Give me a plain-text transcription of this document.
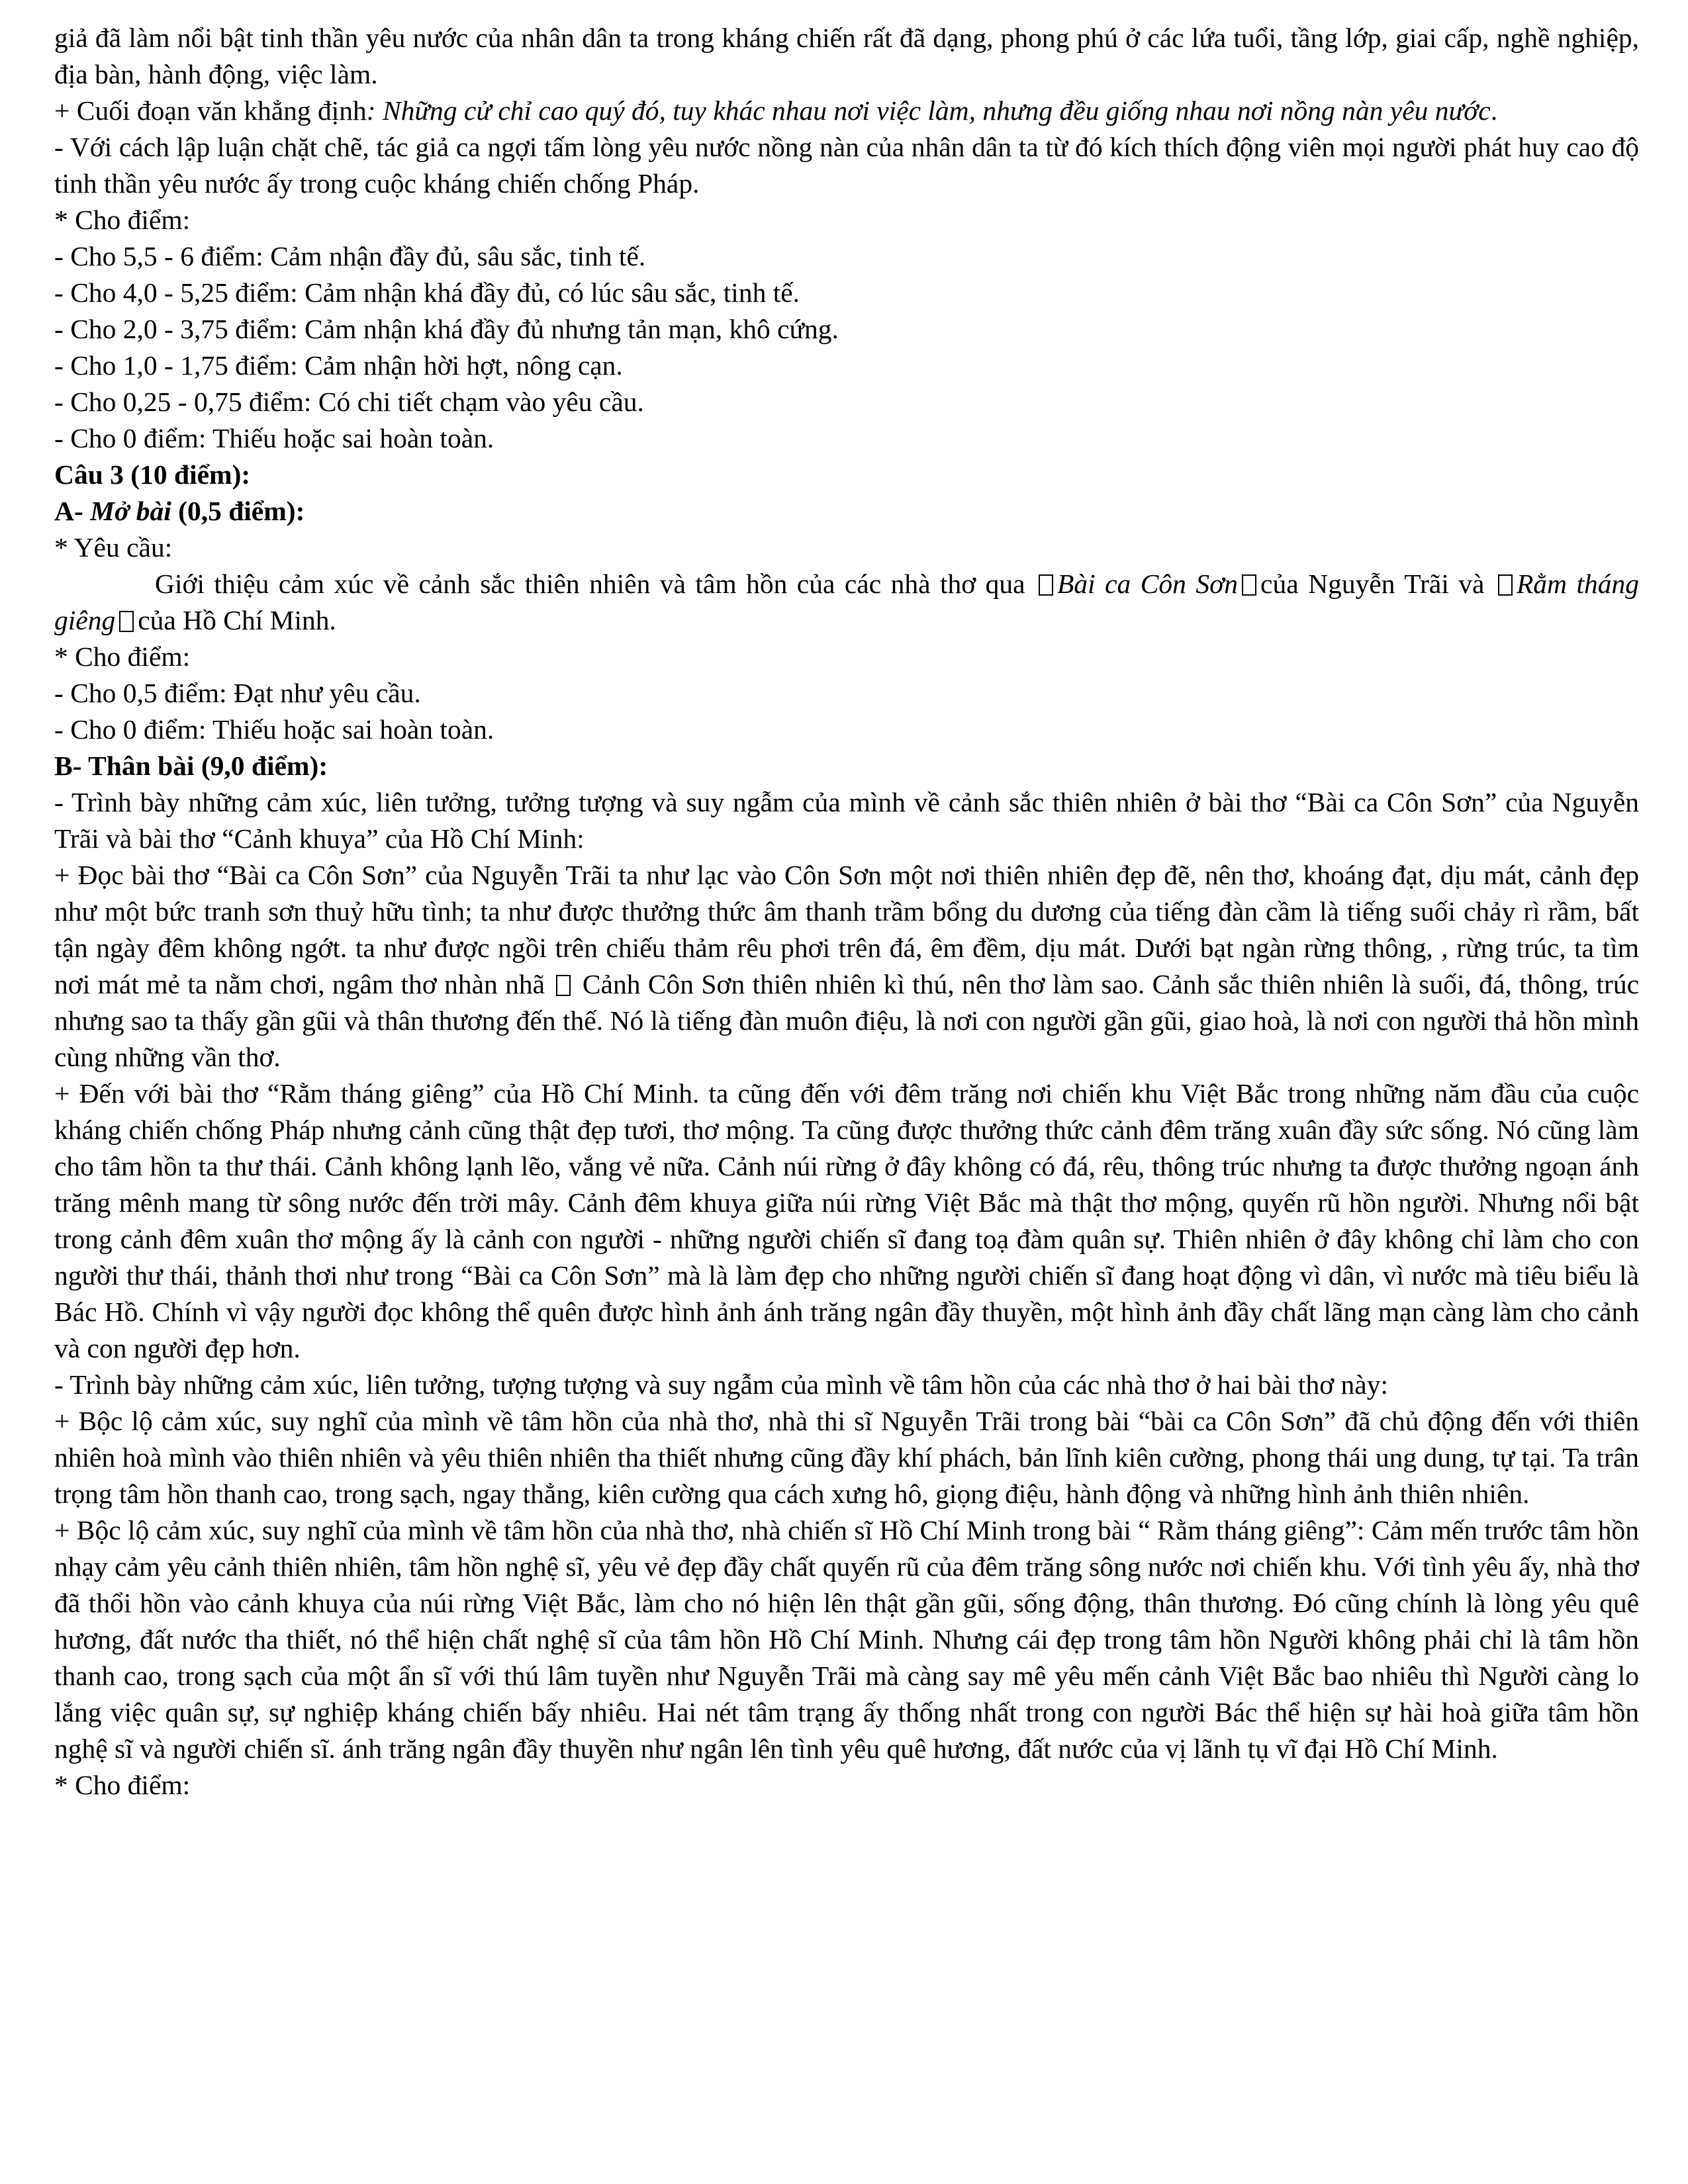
giả đã làm nổi bật tinh thần yêu nước của nhân dân ta trong kháng chiến rất đã dạng, phong phú ở các lứa tuổi, tầng lớp, giai cấp, nghề nghiệp, địa bàn, hành động, việc làm.

+ Cuối đoạn văn khẳng định: Những cử chỉ cao quý đó, tuy khác nhau nơi việc làm, nhưng đều giống nhau nơi nồng nàn yêu nước.

- Với cách lập luận chặt chẽ, tác giả ca ngợi tấm lòng yêu nước nồng nàn của nhân dân ta từ đó kích thích động viên mọi người phát huy cao độ tinh thần yêu nước ấy trong cuộc kháng chiến chống Pháp.

* Cho điểm:

- Cho 5,5 - 6 điểm: Cảm nhận đầy đủ, sâu sắc, tinh tế.

- Cho 4,0 - 5,25 điểm: Cảm nhận khá đầy đủ, có lúc sâu sắc, tinh tế.

- Cho 2,0 - 3,75 điểm: Cảm nhận khá đầy đủ nhưng tản mạn, khô cứng.

- Cho 1,0 - 1,75 điểm: Cảm nhận hời hợt, nông cạn.

- Cho 0,25 - 0,75 điểm: Có chi tiết chạm vào yêu cầu.

- Cho 0 điểm: Thiếu hoặc sai hoàn toàn.

Câu 3 (10 điểm):

A- Mở bài (0,5 điểm):

* Yêu cầu:

Giới thiệu cảm xúc về cảnh sắc thiên nhiên và tâm hồn của các nhà thơ qua Bài ca Côn Sơn của Nguyễn Trãi và Rằm tháng giêng của Hồ Chí Minh.

* Cho điểm:

- Cho 0,5 điểm: Đạt như yêu cầu.

- Cho 0 điểm: Thiếu hoặc sai hoàn toàn.

B- Thân bài (9,0 điểm):

- Trình bày những cảm xúc, liên tưởng, tưởng tượng và suy ngẫm của mình về cảnh sắc thiên nhiên ở bài thơ “Bài ca Côn Sơn” của Nguyễn Trãi và bài thơ “Cảnh khuya” của Hồ Chí Minh:

+ Đọc bài thơ “Bài ca Côn Sơn” của Nguyễn Trãi ta như lạc vào Côn Sơn một nơi thiên nhiên đẹp đẽ, nên thơ, khoáng đạt, dịu mát, cảnh đẹp như một bức tranh sơn thuỷ hữu tình; ta như được thưởng thức âm thanh trầm bổng du dương của tiếng đàn cầm là tiếng suối chảy rì rầm, bất tận ngày đêm không ngớt. ta như được ngồi trên chiếu thảm rêu phơi trên đá, êm đềm, dịu mát. Dưới bạt ngàn rừng thông, , rừng trúc, ta tìm nơi mát mẻ ta nằm chơi, ngâm thơ nhàn nhã  Cảnh Côn Sơn thiên nhiên kì thú, nên thơ làm sao. Cảnh sắc thiên nhiên là suối, đá, thông, trúc nhưng sao ta thấy gần gũi và thân thương đến thế. Nó là tiếng đàn muôn điệu, là nơi con người gần gũi, giao hoà, là nơi con người thả hồn mình cùng những vần thơ.

+ Đến với bài thơ “Rằm tháng giêng” của Hồ Chí Minh. ta cũng đến với đêm trăng nơi chiến khu Việt Bắc trong những năm đầu của cuộc kháng chiến chống Pháp nhưng cảnh cũng thật đẹp tươi, thơ mộng. Ta cũng được thưởng thức cảnh đêm trăng xuân đầy sức sống. Nó cũng làm cho tâm hồn ta thư thái. Cảnh không lạnh lẽo, vắng vẻ nữa. Cảnh núi rừng ở đây không có đá, rêu, thông trúc nhưng ta được thưởng ngoạn ánh trăng mênh mang từ sông nước đến trời mây. Cảnh đêm khuya giữa núi rừng Việt Bắc mà thật thơ mộng, quyến rũ hồn người. Nhưng nổi bật trong cảnh đêm xuân thơ mộng ấy là cảnh con người - những người chiến sĩ đang toạ đàm quân sự. Thiên nhiên ở đây không chỉ làm cho con người thư thái, thảnh thơi như trong “Bài ca Côn Sơn” mà là làm đẹp cho những người chiến sĩ đang hoạt động vì dân, vì nước mà tiêu biểu là Bác Hồ. Chính vì vậy người đọc không thể quên được hình ảnh ánh trăng ngân đầy thuyền, một hình ảnh đầy chất lãng mạn càng làm cho cảnh và con người đẹp hơn.

- Trình bày những cảm xúc, liên tưởng, tượng tượng và suy ngẫm của mình về tâm hồn của các nhà thơ ở hai bài thơ này:

+ Bộc lộ cảm xúc, suy nghĩ của mình về tâm hồn của nhà thơ, nhà thi sĩ Nguyễn Trãi trong bài “bài ca Côn Sơn” đã chủ động đến với thiên nhiên hoà mình vào thiên nhiên và yêu thiên nhiên tha thiết nhưng cũng đầy khí phách, bản lĩnh kiên cường, phong thái ung dung, tự tại. Ta trân trọng tâm hồn thanh cao, trong sạch, ngay thẳng, kiên cường qua cách xưng hô, giọng điệu, hành động và những hình ảnh thiên nhiên.

+ Bộc lộ cảm xúc, suy nghĩ của mình về tâm hồn của nhà thơ, nhà chiến sĩ Hồ Chí Minh trong bài “ Rằm tháng giêng”: Cảm mến trước tâm hồn nhạy cảm yêu cảnh thiên nhiên, tâm hồn nghệ sĩ, yêu vẻ đẹp đầy chất quyến rũ của đêm trăng sông nước nơi chiến khu. Với tình yêu ấy, nhà thơ đã thổi hồn vào cảnh khuya của núi rừng Việt Bắc, làm cho nó hiện lên thật gần gũi, sống động, thân thương. Đó cũng chính là lòng yêu quê hương, đất nước tha thiết, nó thể hiện chất nghệ sĩ của tâm hồn Hồ Chí Minh. Nhưng cái đẹp trong tâm hồn Người không phải chỉ là tâm hồn thanh cao, trong sạch của một ẩn sĩ với thú lâm tuyền như Nguyễn Trãi mà càng say mê yêu mến cảnh Việt Bắc bao nhiêu thì Người càng lo lắng việc quân sự, sự nghiệp kháng chiến bấy nhiêu. Hai nét tâm trạng ấy thống nhất trong con người Bác thể hiện sự hài hoà giữa tâm hồn nghệ sĩ và người chiến sĩ. ánh trăng ngân đầy thuyền như ngân lên tình yêu quê hương, đất nước của vị lãnh tụ vĩ đại Hồ Chí Minh.

* Cho điểm:
